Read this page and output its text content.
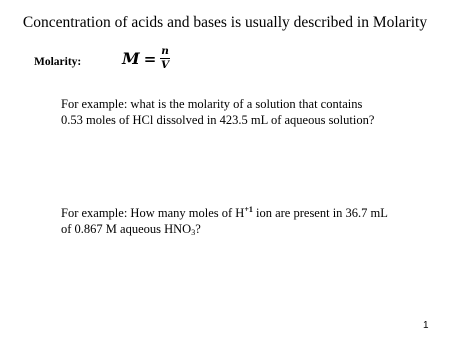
Concentration of acids and bases is usually described in Molarity
Molarity:	$M = \frac{n}{V}$
For example: what is the molarity of a solution that contains
0.53 moles of HCl dissolved in 423.5 mL of aqueous solution?
For example: How many moles of $H^{+1}$ ion are present in 36.7 mL
of 0.867 M aqueous $HNO_3$?
1
